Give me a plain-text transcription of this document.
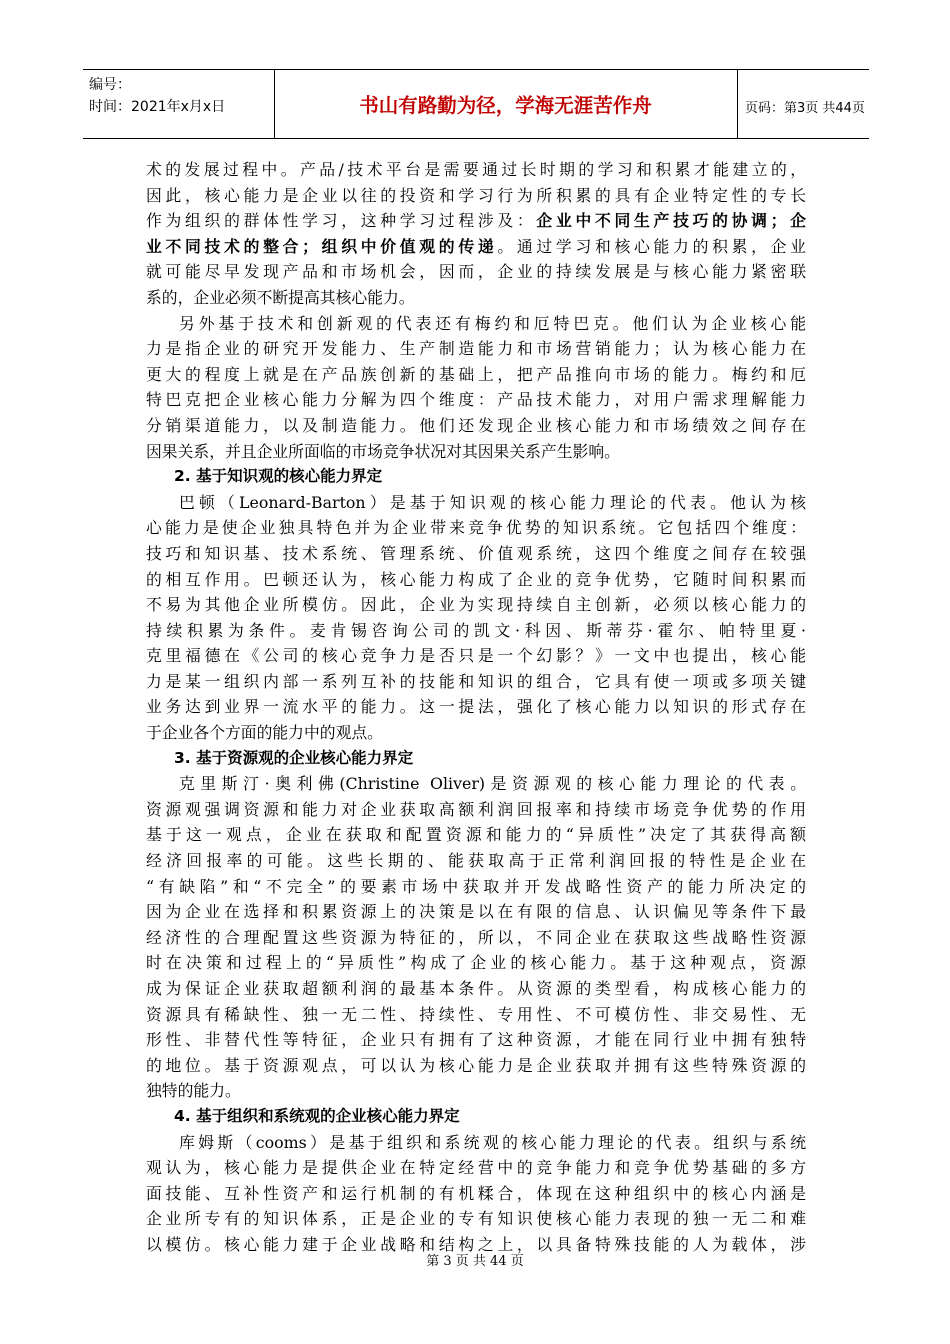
编号：
时间：2021年x月x日	书山有路勤为径，学海无涯苦作舟	页码：第3页 共44页
术的发展过程中。产品/技术平台是需要通过长时期的学习和积累才能建立的，
因此，核心能力是企业以往的投资和学习行为所积累的具有企业特定性的专长
作为组织的群体性学习，这种学习过程涉及：企业中不同生产技巧的协调；企
业不同技术的整合；组织中价值观的传递。通过学习和核心能力的积累，企业
就可能尽早发现产品和市场机会，因而，企业的持续发展是与核心能力紧密联
系的，企业必须不断提高其核心能力。
另外基于技术和创新观的代表还有梅约和厄特巴克。他们认为企业核心能
力是指企业的研究开发能力、生产制造能力和市场营销能力；认为核心能力在
更大的程度上就是在产品族创新的基础上，把产品推向市场的能力。梅约和厄
特巴克把企业核心能力分解为四个维度：产品技术能力，对用户需求理解能力
分销渠道能力，以及制造能力。他们还发现企业核心能力和市场绩效之间存在
因果关系，并且企业所面临的市场竞争状况对其因果关系产生影响。
2. 基于知识观的核心能力界定
巴顿（Leonard-Barton）是基于知识观的核心能力理论的代表。他认为核
心能力是使企业独具特色并为企业带来竞争优势的知识系统。它包括四个维度：
技巧和知识基、技术系统、管理系统、价值观系统，这四个维度之间存在较强
的相互作用。巴顿还认为，核心能力构成了企业的竞争优势，它随时间积累而
不易为其他企业所模仿。因此，企业为实现持续自主创新，必须以核心能力的
持续积累为条件。麦肯锡咨询公司的凯文·科因、斯蒂芬·霍尔、帕特里夏·
克里福德在《公司的核心竞争力是否只是一个幻影？》一文中也提出，核心能
力是某一组织内部一系列互补的技能和知识的组合，它具有使一项或多项关键
业务达到业界一流水平的能力。这一提法，强化了核心能力以知识的形式存在
于企业各个方面的能力中的观点。
3. 基于资源观的企业核心能力界定
克里斯汀·奥利佛(Christine Oliver)是资源观的核心能力理论的代表。
资源观强调资源和能力对企业获取高额利润回报率和持续市场竞争优势的作用
基于这一观点，企业在获取和配置资源和能力的“异质性”决定了其获得高额
经济回报率的可能。这些长期的、能获取高于正常利润回报的特性是企业在
“有缺陷”和“不完全”的要素市场中获取并开发战略性资产的能力所决定的
因为企业在选择和积累资源上的决策是以在有限的信息、认识偏见等条件下最
经济性的合理配置这些资源为特征的，所以，不同企业在获取这些战略性资源
时在决策和过程上的“异质性”构成了企业的核心能力。基于这种观点，资源
成为保证企业获取超额利润的最基本条件。从资源的类型看，构成核心能力的
资源具有稀缺性、独一无二性、持续性、专用性、不可模仿性、非交易性、无
形性、非替代性等特征，企业只有拥有了这种资源，才能在同行业中拥有独特
的地位。基于资源观点，可以认为核心能力是企业获取并拥有这些特殊资源的
独特的能力。
4. 基于组织和系统观的企业核心能力界定
库姆斯（cooms）是基于组织和系统观的核心能力理论的代表。组织与系统
观认为，核心能力是提供企业在特定经营中的竞争能力和竞争优势基础的多方
面技能、互补性资产和运行机制的有机糅合，体现在这种组织中的核心内涵是
企业所专有的知识体系，正是企业的专有知识使核心能力表现的独一无二和难
以模仿。核心能力建于企业战略和结构之上，以具备特殊技能的人为载体，涉
第 3 页 共 44 页
